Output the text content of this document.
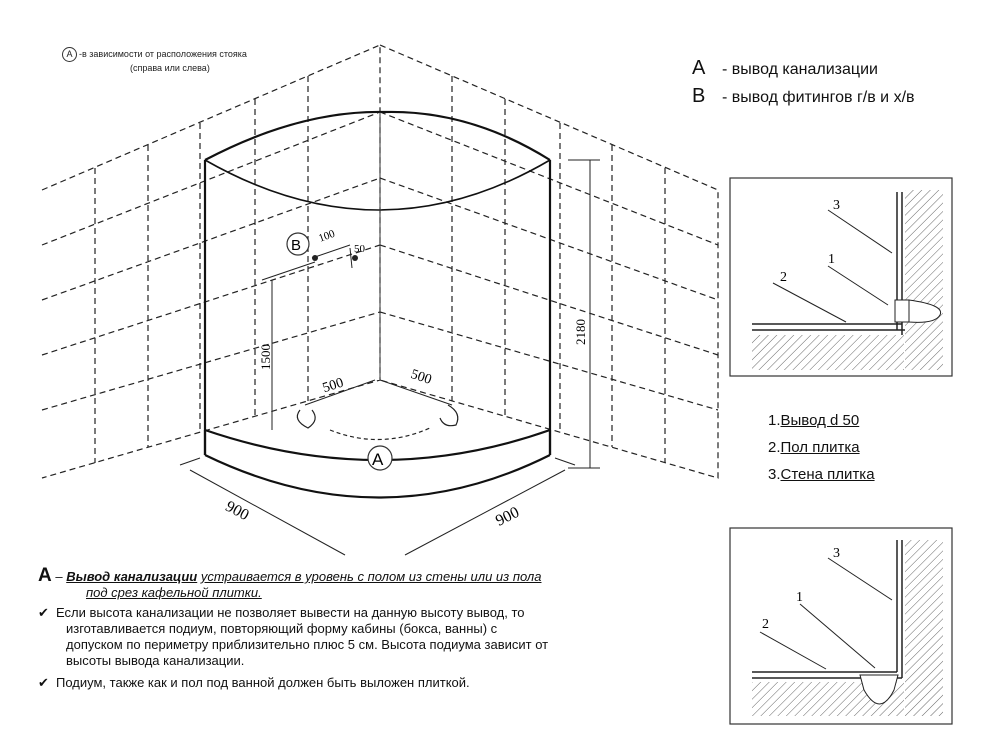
B
A
900	900
2180
1500
500	500
100
50
3
1
2
3
1
2
A -в зависимости от расположения стояка
(справа или слева)	A - вывод канализации
B - вывод фитингов г/в и х/в
1.Вывод d 50
2.Пол плитка
3.Стена плитка

A – Вывод канализации устраивается в уровень с полом из стены или из пола

под срез кафельной плитки.

✔ Если высота канализации не позволяет вывести на данную высоту вывод, то
изготавливается подиум, повторяющий форму кабины (бокса, ванны) с
допуском по периметру приблизительно плюс 5 см. Высота подиума зависит от
высоты вывода канализации.

✔ Подиум, также как и пол под ванной должен быть выложен плиткой.
